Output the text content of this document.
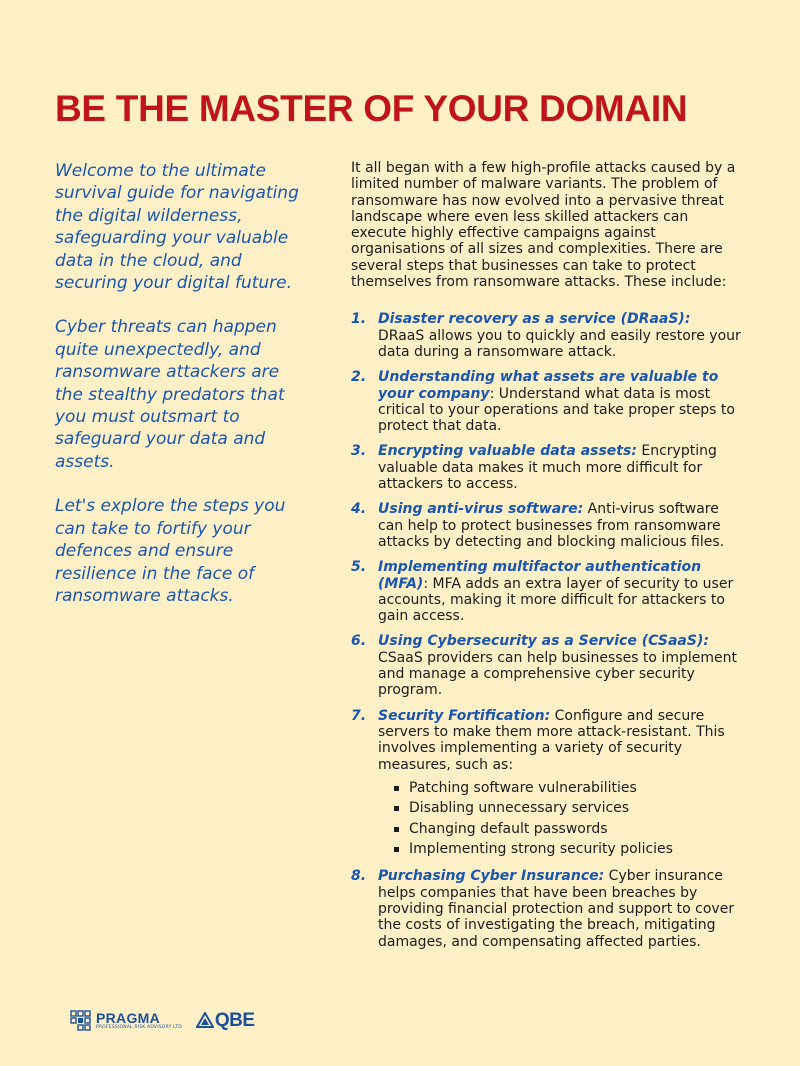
BE THE MASTER OF YOUR DOMAIN

Welcome to the ultimate survival guide for navigating the digital wilderness, safeguarding your valuable data in the cloud, and securing your digital future.

Cyber threats can happen quite unexpectedly, and ransomware attackers are the stealthy predators that you must outsmart to safeguard your data and assets.

Let's explore the steps you can take to fortify your defences and ensure resilience in the face of ransomware attacks.

It all began with a few high-profile attacks caused by a limited number of malware variants. The problem of ransomware has now evolved into a pervasive threat landscape where even less skilled attackers can execute highly effective campaigns against organisations of all sizes and complexities. There are several steps that businesses can take to protect themselves from ransomware attacks. These include:

1. Disaster recovery as a service (DRaaS): DRaaS allows you to quickly and easily restore your data during a ransomware attack.
2. Understanding what assets are valuable to your company: Understand what data is most critical to your operations and take proper steps to protect that data.
3. Encrypting valuable data assets: Encrypting valuable data makes it much more difficult for attackers to access.
4. Using anti-virus software: Anti-virus software can help to protect businesses from ransomware attacks by detecting and blocking malicious files.
5. Implementing multifactor authentication (MFA): MFA adds an extra layer of security to user accounts, making it more difficult for attackers to gain access.
6. Using Cybersecurity as a Service (CSaaS): CSaaS providers can help businesses to implement and manage a comprehensive cyber security program.
7. Security Fortification: Configure and secure servers to make them more attack-resistant. This involves implementing a variety of security measures, such as:
Patching software vulnerabilities
Disabling unnecessary services
Changing default passwords
Implementing strong security policies
8. Purchasing Cyber Insurance: Cyber insurance helps companies that have been breaches by providing financial protection and support to cover the costs of investigating the breach, mitigating damages, and compensating affected parties.
PRAGMA
PROFESSIONAL RISK ADVISORY LTD QBE
